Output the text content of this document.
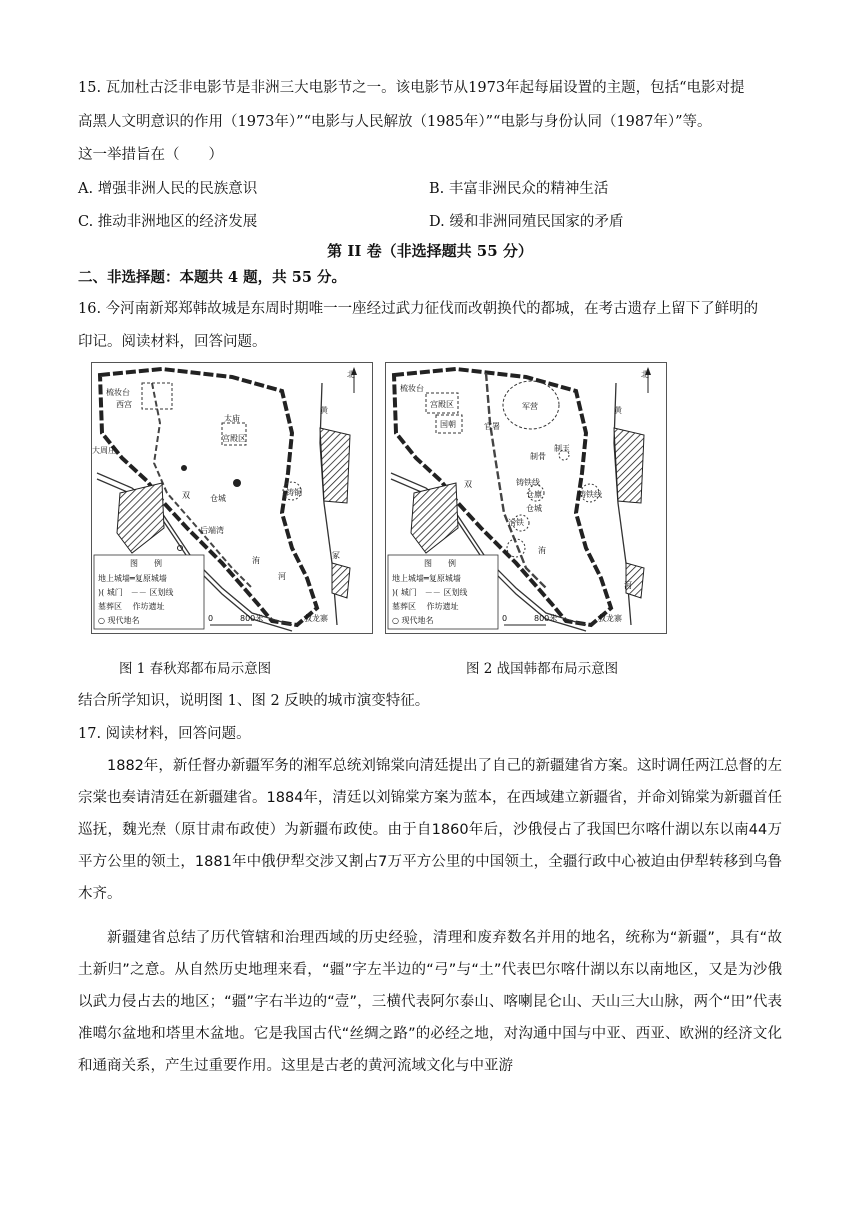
15. 瓦加杜古泛非电影节是非洲三大电影节之一。该电影节从1973年起每届设置的主题，包括“电影对提
高黑人文明意识的作用（1973年）”“电影与人民解放（1985年）”“电影与身份认同（1987年）”等。
这一举措旨在（　　）
A. 增强非洲人民的民族意识	B. 丰富非洲民众的精神生活
C. 推动非洲地区的经济发展	D. 缓和非洲同殖民国家的矛盾
第 II 卷（非选择题共 55 分）
二、非选择题：本题共 4 题，共 55 分。
16. 今河南新郑郑韩故城是东周时期唯一一座经过武力征伐而改朝换代的都城，在考古遗存上留下了鲜明的
印记。阅读材料，回答问题。
北
梳妆台
西宫
太庙
宫殿区
大周庄
黄
铸铜
双	仓城
后端湾
河
洧
冢
叔龙寨
图　　例
地上城墙═复原城墙
)( 城门　－－ 区划线
墓葬区 　作坊遗址
○ 现代地名	0	800米
北
梳妆台
宫殿区
国朝
军营
官署
制玉
制骨
黄
铸铁线
仓廪
仓城
铸铁线
双
冶铁
洧
河
叔龙寨
图　　例
地上城墙═复原城墙
)( 城门　－－ 区划线
墓葬区 　作坊遗址
○ 现代地名	0	800米
图 1 春秋郑都布局示意图	图 2 战国韩都布局示意图
结合所学知识，说明图 1、图 2 反映的城市演变特征。
17. 阅读材料，回答问题。

1882年，新任督办新疆军务的湘军总统刘锦棠向清廷提出了自己的新疆建省方案。这时调任两江总督的左宗棠也奏请清廷在新疆建省。1884年，清廷以刘锦棠方案为蓝本，在西域建立新疆省，并命刘锦棠为新疆首任巡抚，魏光焘（原甘肃布政使）为新疆布政使。由于自1860年后，沙俄侵占了我国巴尔喀什湖以东以南44万平方公里的领土，1881年中俄伊犁交涉又割占7万平方公里的中国领土，全疆行政中心被迫由伊犁转移到乌鲁木齐。

新疆建省总结了历代管辖和治理西域的历史经验，清理和废弃数名并用的地名，统称为“新疆”，具有“故土新归”之意。从自然历史地理来看，“疆”字左半边的“弓”与“土”代表巴尔喀什湖以东以南地区，又是为沙俄以武力侵占去的地区；“疆”字右半边的“壹”，三横代表阿尔泰山、喀喇昆仑山、天山三大山脉，两个“田”代表准噶尔盆地和塔里木盆地。它是我国古代“丝绸之路”的必经之地，对沟通中国与中亚、西亚、欧洲的经济文化和通商关系，产生过重要作用。这里是古老的黄河流域文化与中亚游
